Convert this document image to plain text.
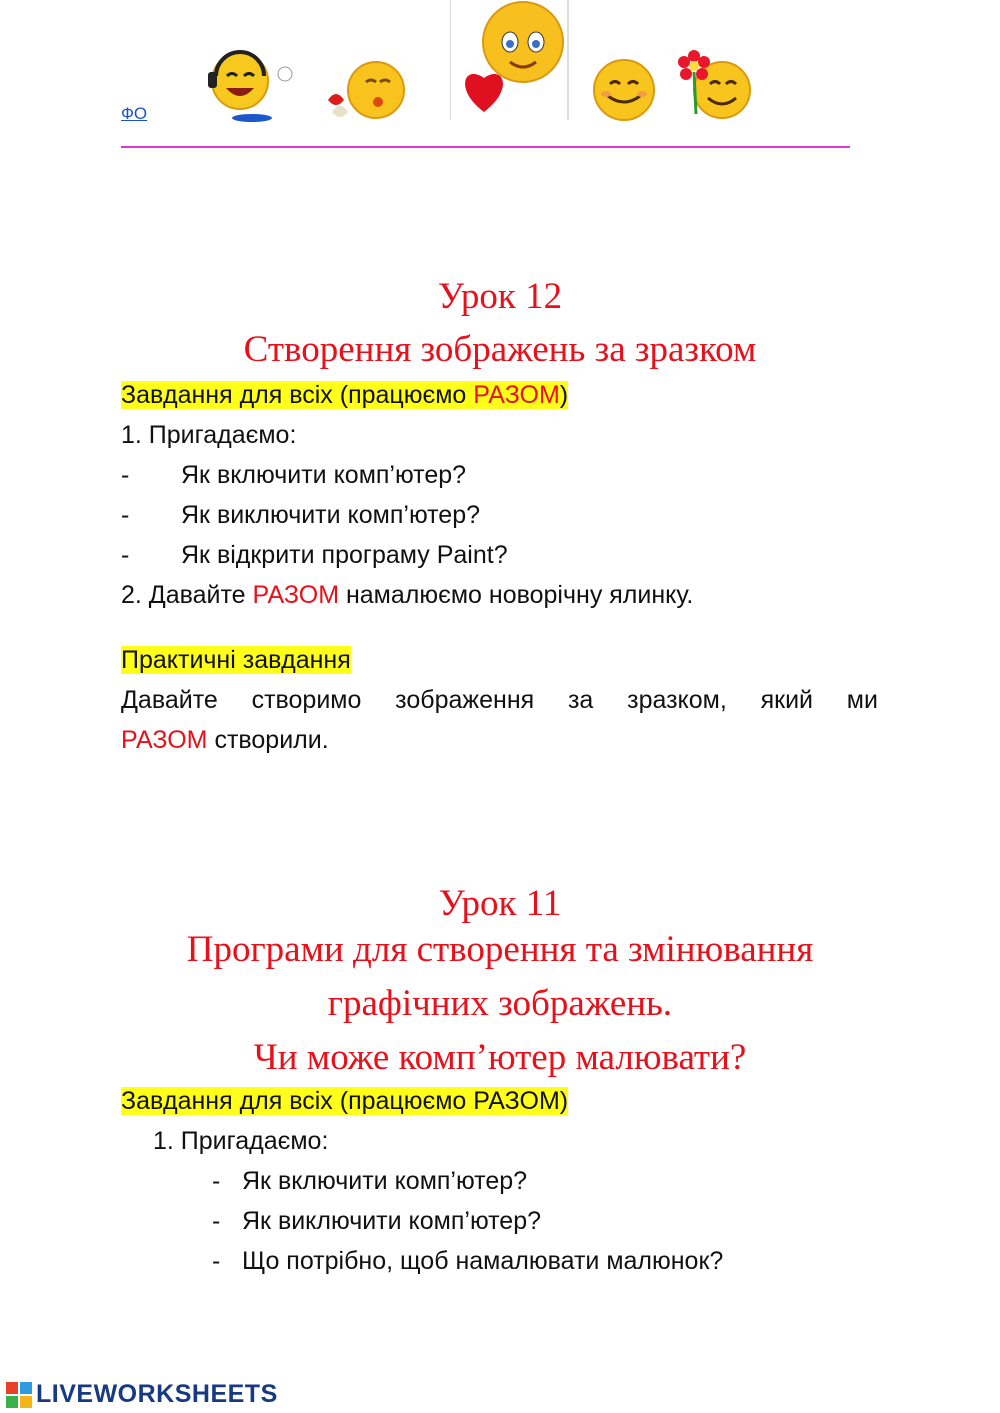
ФО
Урок 12
Створення зображень за зразком
Завдання для всіх (працюємо РАЗОМ)
1. Пригадаємо:
- Як включити комп’ютер?
- Як виключити комп’ютер?
- Як відкрити програму Paint?
2. Давайте РАЗОМ намалюємо новорічну ялинку.
Практичні завдання
Давайте створимо зображення за зразком, який ми
РАЗОМ створили.
Урок 11
Програми для створення та змінювання
графічних зображень.
Чи може комп’ютер малювати?
Завдання для всіх (працюємо РАЗОМ)
1. Пригадаємо:
- Як включити комп’ютер?
- Як виключити комп’ютер?
- Що потрібно, щоб намалювати малюнок?
LIVEWORKSHEETS
